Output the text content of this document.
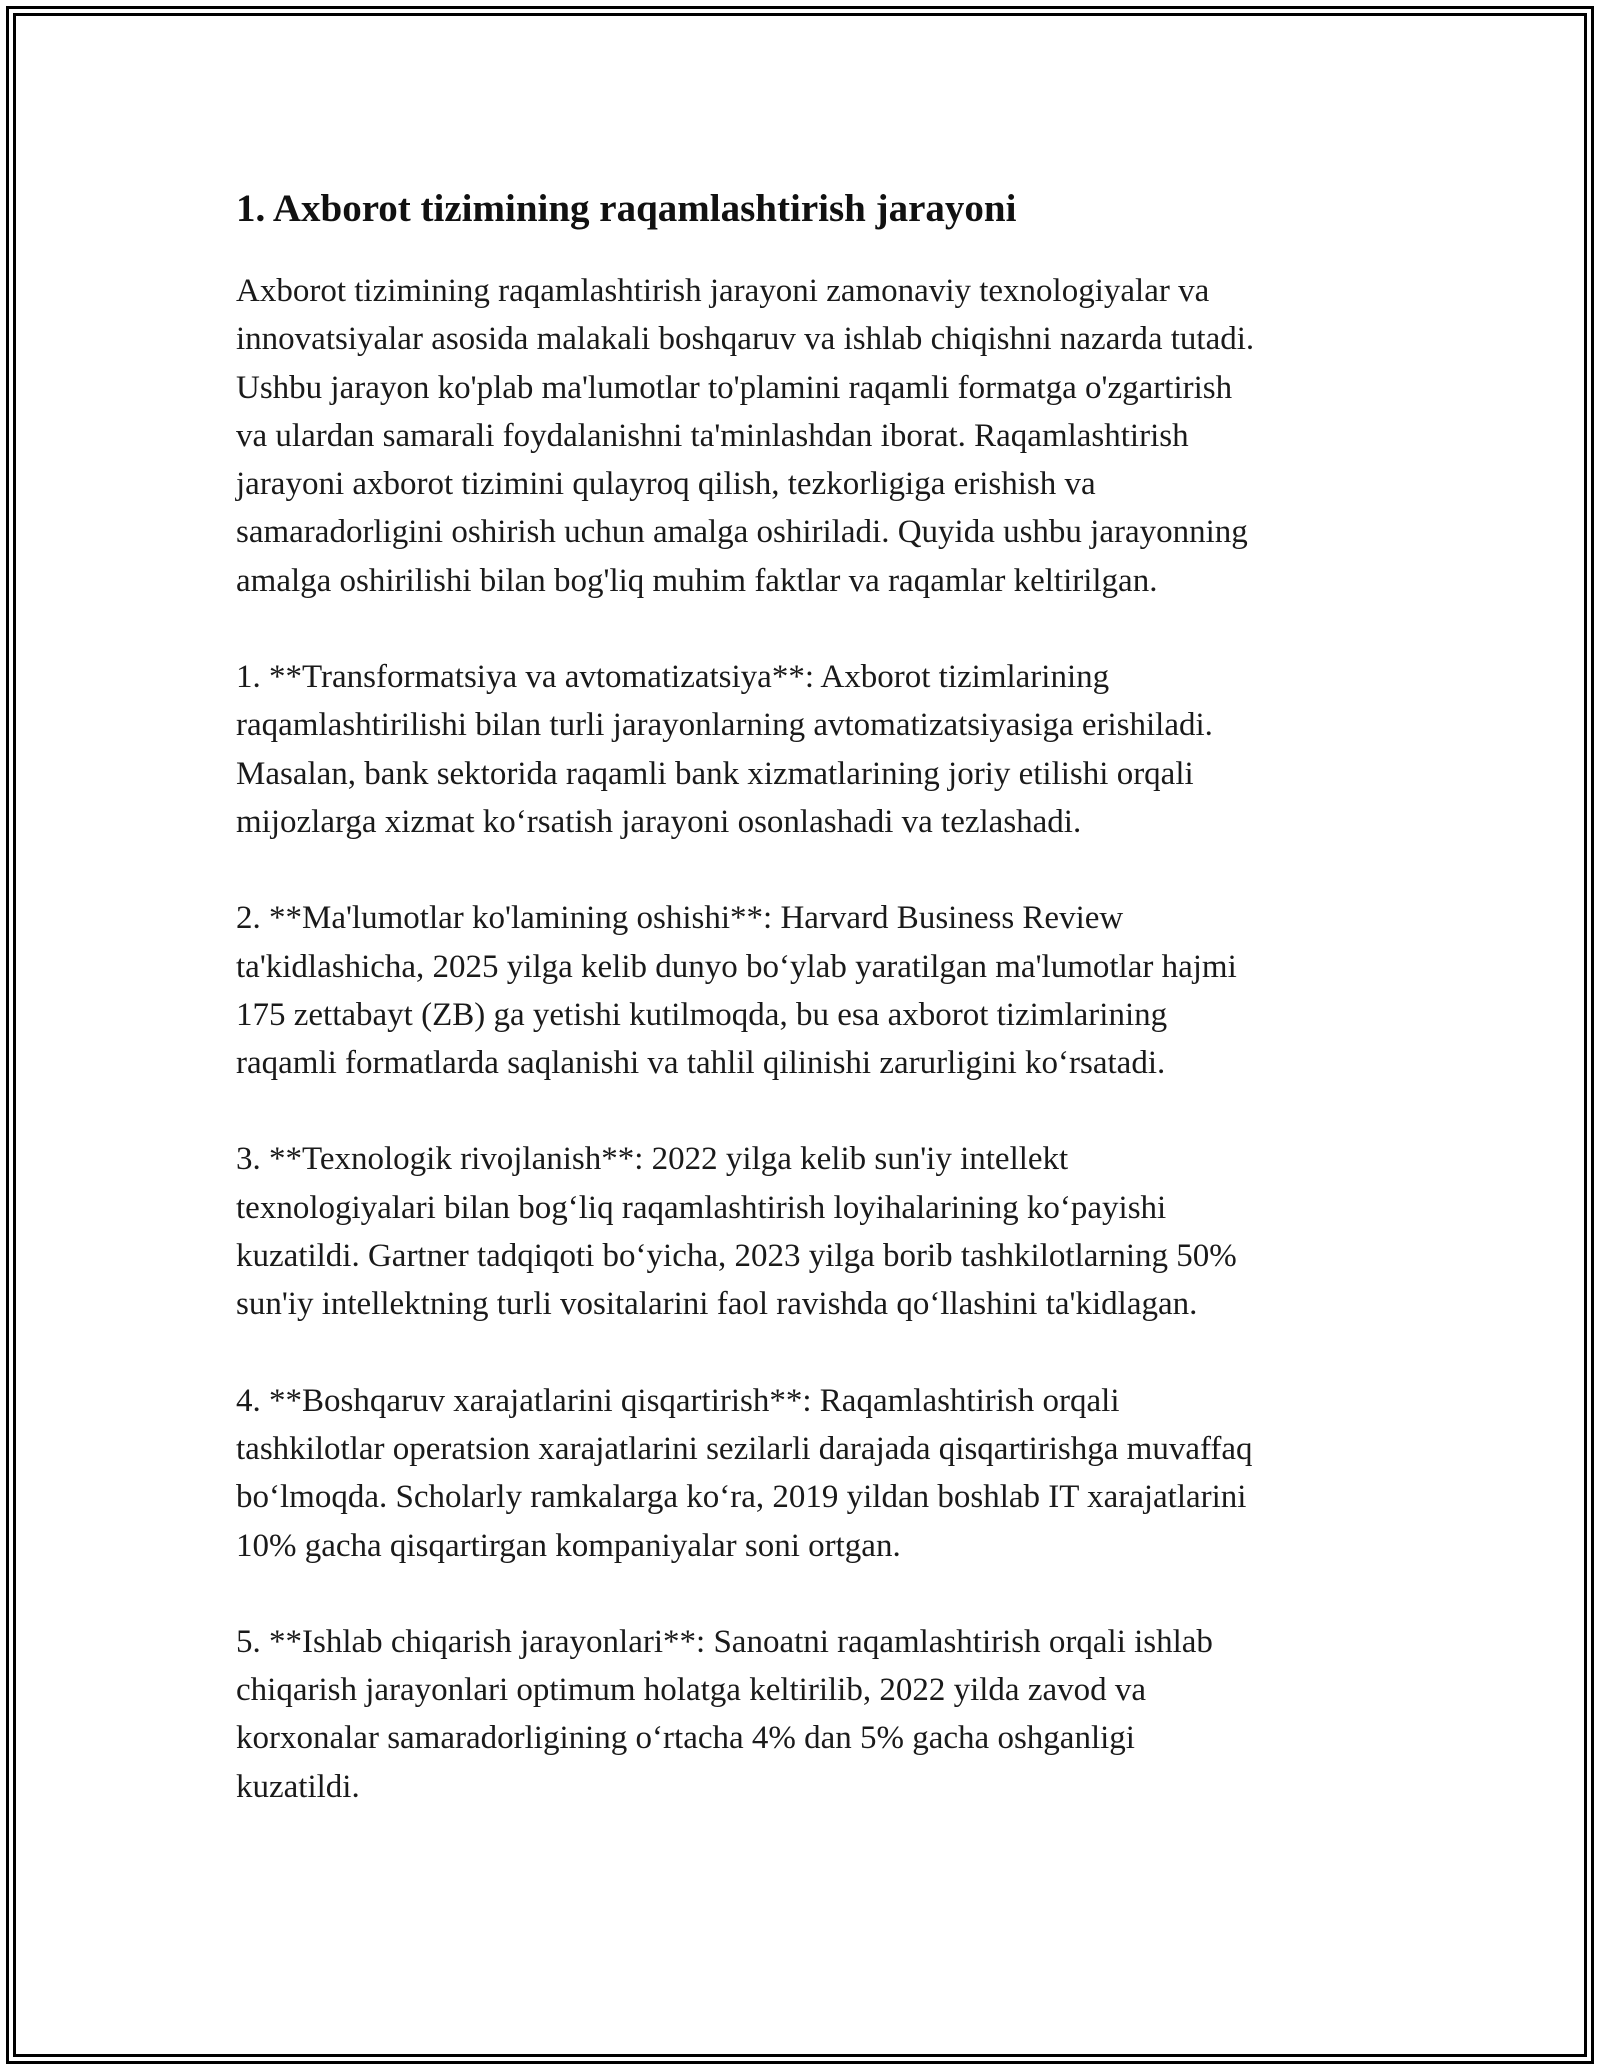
1. Axborot tizimining raqamlashtirish jarayoni

Axborot tizimining raqamlashtirish jarayoni zamonaviy texnologiyalar va
innovatsiyalar asosida malakali boshqaruv va ishlab chiqishni nazarda tutadi.
Ushbu jarayon ko'plab ma'lumotlar to'plamini raqamli formatga o'zgartirish
va ulardan samarali foydalanishni ta'minlashdan iborat. Raqamlashtirish
jarayoni axborot tizimini qulayroq qilish, tezkorligiga erishish va
samaradorligini oshirish uchun amalga oshiriladi. Quyida ushbu jarayonning
amalga oshirilishi bilan bog'liq muhim faktlar va raqamlar keltirilgan.

1. **Transformatsiya va avtomatizatsiya**: Axborot tizimlarining
raqamlashtirilishi bilan turli jarayonlarning avtomatizatsiyasiga erishiladi.
Masalan, bank sektorida raqamli bank xizmatlarining joriy etilishi orqali
mijozlarga xizmat ko‘rsatish jarayoni osonlashadi va tezlashadi.

2. **Ma'lumotlar ko'lamining oshishi**: Harvard Business Review
ta'kidlashicha, 2025 yilga kelib dunyo bo‘ylab yaratilgan ma'lumotlar hajmi
175 zettabayt (ZB) ga yetishi kutilmoqda, bu esa axborot tizimlarining
raqamli formatlarda saqlanishi va tahlil qilinishi zarurligini ko‘rsatadi.

3. **Texnologik rivojlanish**: 2022 yilga kelib sun'iy intellekt
texnologiyalari bilan bog‘liq raqamlashtirish loyihalarining ko‘payishi
kuzatildi. Gartner tadqiqoti bo‘yicha, 2023 yilga borib tashkilotlarning 50%
sun'iy intellektning turli vositalarini faol ravishda qo‘llashini ta'kidlagan.

4. **Boshqaruv xarajatlarini qisqartirish**: Raqamlashtirish orqali
tashkilotlar operatsion xarajatlarini sezilarli darajada qisqartirishga muvaffaq
bo‘lmoqda. Scholarly ramkalarga ko‘ra, 2019 yildan boshlab IT xarajatlarini
10% gacha qisqartirgan kompaniyalar soni ortgan.

5. **Ishlab chiqarish jarayonlari**: Sanoatni raqamlashtirish orqali ishlab
chiqarish jarayonlari optimum holatga keltirilib, 2022 yilda zavod va
korxonalar samaradorligining o‘rtacha 4% dan 5% gacha oshganligi
kuzatildi.
